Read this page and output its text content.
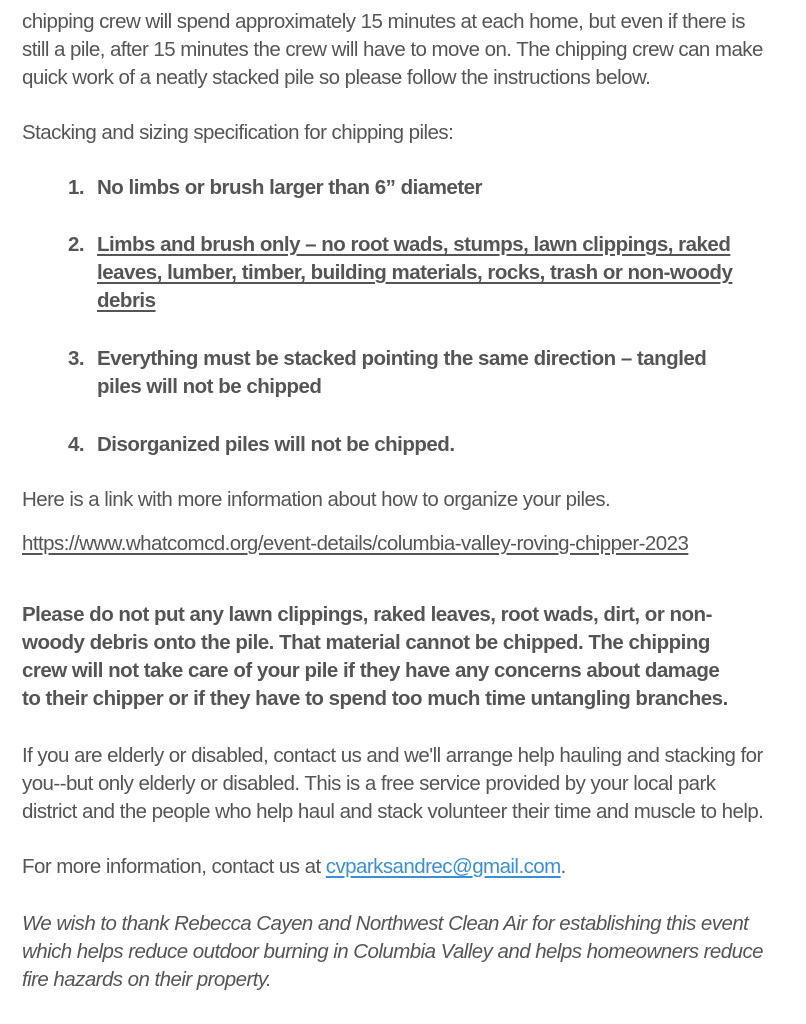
chipping crew will spend approximately 15 minutes at each home, but even if there is
still a pile, after 15 minutes the crew will have to move on. The chipping crew can make
quick work of a neatly stacked pile so please follow the instructions below.

Stacking and sizing specification for chipping piles:

1. No limbs or brush larger than 6” diameter
2. Limbs and brush only – no root wads, stumps, lawn clippings, raked
leaves, lumber, timber, building materials, rocks, trash or non-woody
debris
3. Everything must be stacked pointing the same direction – tangled
piles will not be chipped
4. Disorganized piles will not be chipped.

Here is a link with more information about how to organize your piles.

https://www.whatcomcd.org/event-details/columbia-valley-roving-chipper-2023

Please do not put any lawn clippings, raked leaves, root wads, dirt, or non-
woody debris onto the pile. That material cannot be chipped. The chipping
crew will not take care of your pile if they have any concerns about damage
to their chipper or if they have to spend too much time untangling branches.

If you are elderly or disabled, contact us and we'll arrange help hauling and stacking for
you--but only elderly or disabled. This is a free service provided by your local park
district and the people who help haul and stack volunteer their time and muscle to help.

For more information, contact us at cvparksandrec@gmail.com.

We wish to thank Rebecca Cayen and Northwest Clean Air for establishing this event
which helps reduce outdoor burning in Columbia Valley and helps homeowners reduce
fire hazards on their property.
